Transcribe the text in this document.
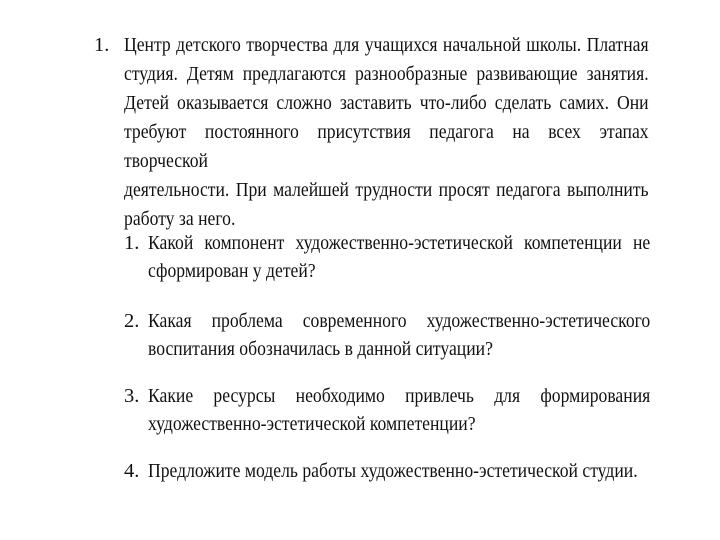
1. Центр детского творчества для учащихся начальной школы. Платная
студия. Детям предлагаются разнообразные развивающие занятия.
Детей оказывается сложно заставить что-либо сделать самих. Они
требуют постоянного присутствия педагога на всех этапах творческой
деятельности. При малейшей трудности просят педагога выполнить
работу за него.
1. Какой компонент художественно-эстетической компетенции не
сформирован у детей?
2. Какая проблема современного художественно-эстетического
воспитания обозначилась в данной ситуации?
3. Какие ресурсы необходимо привлечь для формирования
художественно-эстетической компетенции?
4. Предложите модель работы художественно-эстетической студии.
